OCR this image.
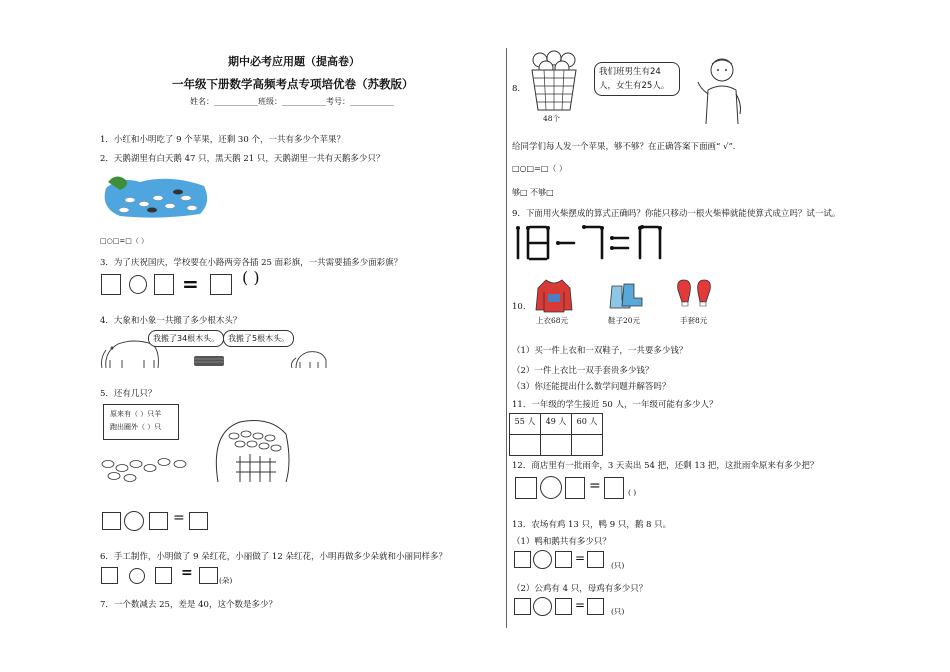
期中必考应用题（提高卷）
一年级下册数学高频考点专项培优卷（苏教版）
姓名：___________班级：___________考号：___________
1．小红和小明吃了 9 个苹果，还剩 30 个，一共有多少个苹果？
2．天鹅湖里有白天鹅 47 只，黑天鹅 21 只，天鹅湖里一共有天鹅多少只？
□○□=□（ ）
3．为了庆祝国庆，学校要在小路两旁各插 25 面彩旗，一共需要插多少面彩旗？
=	( )
4．大象和小象一共搬了多少根木头？
我搬了34根木头。	我搬了5根木头。
5．还有几只？
原来有（ ）只羊
跑出圈外（ ）只
=
6．手工制作，小明做了 9 朵红花，小丽做了 12 朵红花，小明再做多少朵就和小丽同样多？
=	(朵)
7．一个数减去 25，差是 40，这个数是多少？
8.
48个
我们班男生有24人，女生有25人。
给同学们每人发一个苹果，够不够？在正确答案下面画“ √”．
□○□=□（ ）
够□ 不够□
9．下面用火柴摆成的算式正确吗？你能只移动一根火柴棒就能使算式成立吗？试一试。
10.
上衣68元	鞋子20元	手套8元
（1）买一件上衣和一双鞋子，一共要多少钱？
（2）一件上衣比一双手套贵多少钱？
（3）你还能提出什么数学问题并解答吗？
11．一年级的学生接近 50 人，一年级可能有多少人？
55 人	49 人	60 人

12．商店里有一批雨伞，3 天卖出 54 把，还剩 13 把，这批雨伞原来有多少把？
=	( )
13．农场有鸡 13 只，鸭 9 只，鹅 8 只。
（1）鸭和鹅共有多少只？
=
(只)
（2）公鸡有 4 只，母鸡有多少只？
=	(只)
